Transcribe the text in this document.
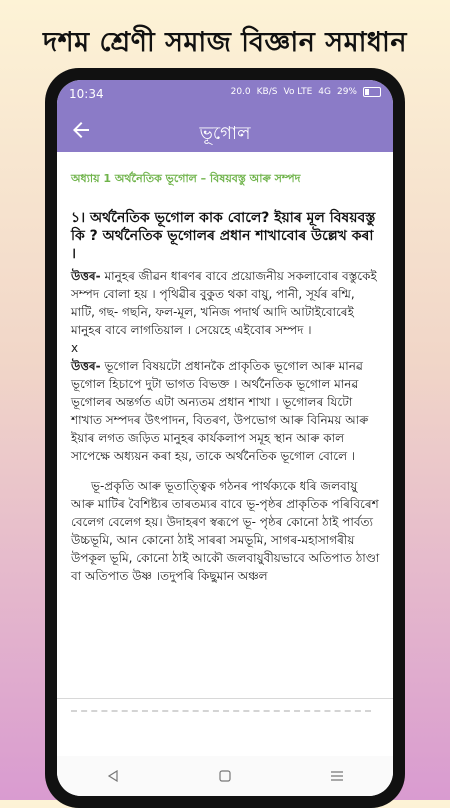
দশম শ্ৰেণী সমাজ বিজ্ঞান সমাধান
10:34	20.0 KB/S Vo LTE 4G 29%
ভূগোল
অধ্যায় 1 অর্থনৈতিক ভূগোল – বিষয়বস্তু আৰু সম্পদ
১। অৰ্থনৈতিক ভূগোল কাক বোলে? ইয়াৰ মূল বিষয়বস্তু কি ? অৰ্থনৈতিক ভূগোলৰ প্ৰধান শাখাবোৰ উল্লেখ কৰা ।
উত্তৰ- মানুহৰ জীৱন ধাৰণৰ বাবে প্ৰয়োজনীয় সকলাবোৰ বস্তুকেই সম্পদ বোলা হয় । পৃথিৱীৰ বুকুত থকা বায়ু, পানী, সূৰ্যৰ ৰশ্মি, মাটি, গছ- গছনি, ফল-মূল, খনিজ পদাৰ্থ আদি আটাইবোৰেই মানুহৰ বাবে লাগতিয়াল । সেয়েহে এইবোৰ সম্পদ ।
x
উত্তৰ- ভূগোল বিষয়টো প্ৰধানকৈ প্ৰাকৃতিক ভূগোল আৰু মানৱ ভূগোল হিচাপে দুটা ভাগত বিভক্ত । অৰ্থনৈতিক ভূগোল মানৱ ভূগোলৰ অন্তৰ্গত এটা অন্যতম প্ৰধান শাখা । ভূগোলৰ যিটো শাখাত সম্পদৰ উৎপাদন, বিতৰণ, উপভোগ আৰু বিনিময় আৰু ইয়াৰ লগত জড়িত মানুহৰ কাৰ্যকলাপ সমূহ স্থান আৰু কাল সাপেক্ষে অধ্যয়ন কৰা হয়, তাকে অৰ্থনৈতিক ভূগোল বোলে ।
ভূ-প্ৰকৃতি আৰু ভূতাত্ত্বিক গঠনৰ পাৰ্থক্যকে ধৰি জলবায়ু আৰু মাটিৰ বৈশিষ্ট্যৰ তাৰতম্যৰ বাবে ভূ-পৃষ্ঠৰ প্ৰাকৃতিক পৰিবিৰেশ বেলেগ বেলেগ হয়। উদাহৰণ স্বৰূপে ভূ- পৃষ্ঠৰ কোনো ঠাই পাৰ্বত্য উচ্চভূমি, আন কোনো ঠাই সাৰৰা সমভূমি, সাগৰ-মহাসাগৰীয় উপকূল ভূমি, কোনো ঠাই আকৌ জলবায়ুবীয়ভাবে অতিপাত ঠাণ্ডা বা অতিপাত উষ্ণ ।তদুপৰি কিছুমান অঞ্চল
